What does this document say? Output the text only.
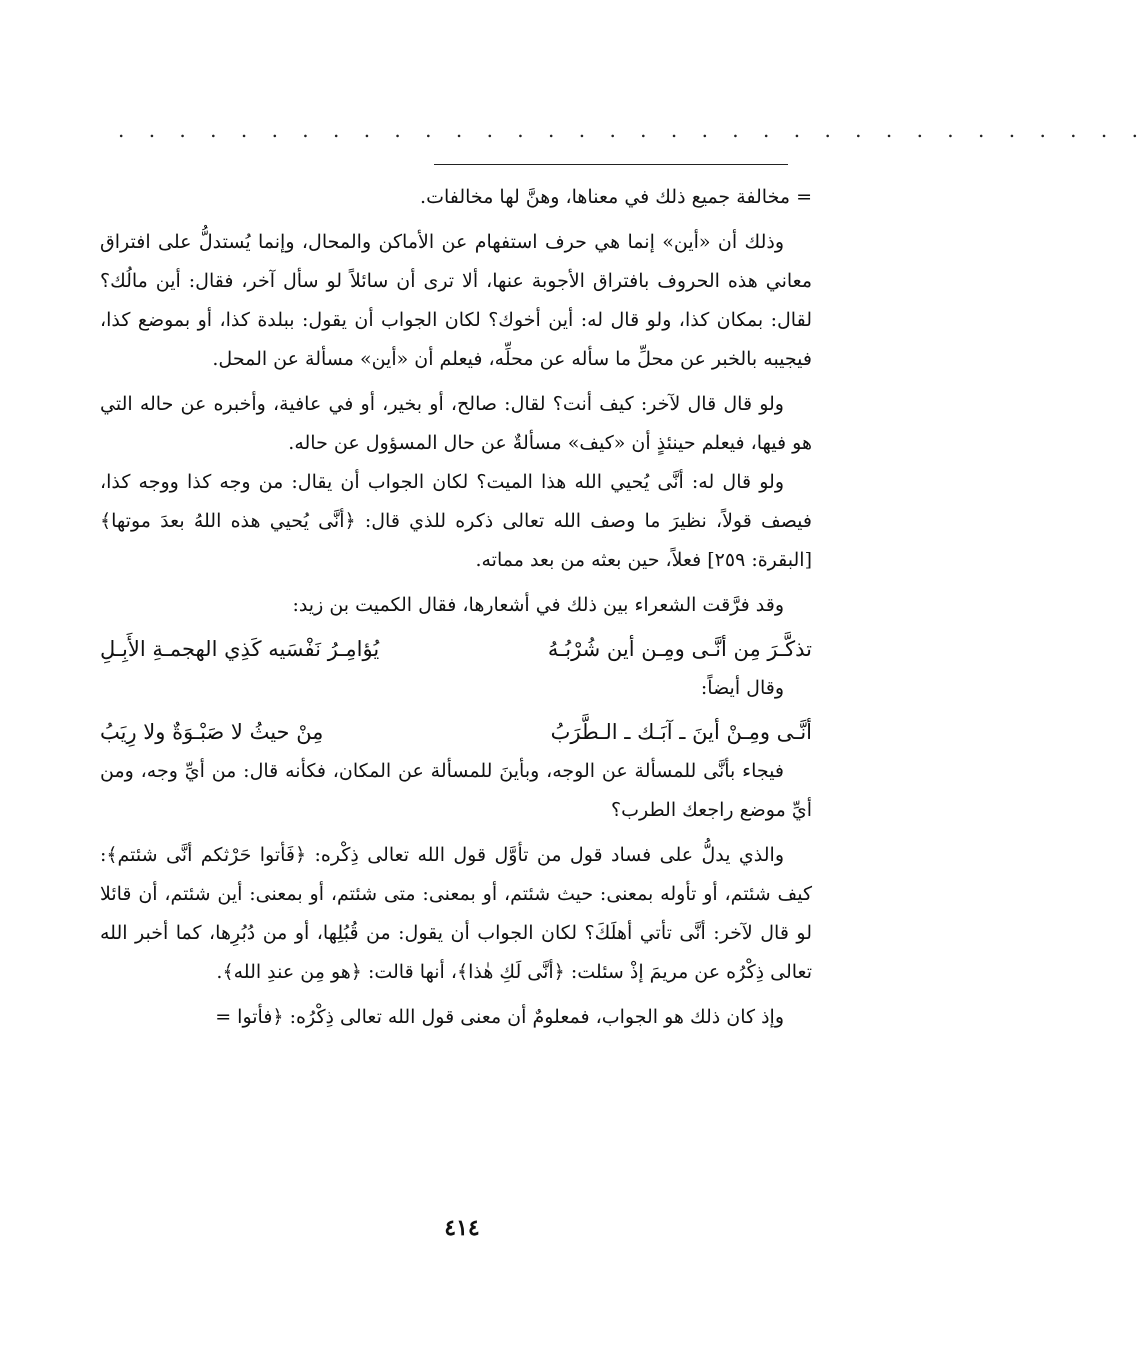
. . . . . . . . . . . . . . . . . . . . . . . . . . . . . . . . . .

= مخالفة جميع ذلك في معناها، وهنَّ لها مخالفات.

وذلك أن «أين» إنما هي حرف استفهام عن الأماكن والمحال، وإنما يُستدلُّ على افتراق معاني هذه الحروف بافتراق الأجوبة عنها، ألا ترى أن سائلاً لو سأل آخر، فقال: أين مالُك؟ لقال: بمكان كذا، ولو قال له: أين أخوك؟ لكان الجواب أن يقول: ببلدة كذا، أو بموضع كذا، فيجيبه بالخبر عن محلِّ ما سأله عن محلِّه، فيعلم أن «أين» مسألة عن المحل.

ولو قال قال لآخر: كيف أنت؟ لقال: صالح، أو بخير، أو في عافية، وأخبره عن حاله التي هو فيها، فيعلم حينئذٍ أن «كيف» مسألةٌ عن حال المسؤول عن حاله.

ولو قال له: أنَّى يُحيي الله هذا الميت؟ لكان الجواب أن يقال: من وجه كذا ووجه كذا، فيصف قولاً، نظيرَ ما وصف الله تعالى ذكره للذي قال: ﴿أنَّى يُحيي هذه اللهُ بعدَ موتها﴾ [البقرة: ٢٥٩] فعلاً، حين بعثه من بعد مماته.

وقد فرَّقت الشعراء بين ذلك في أشعارها، فقال الكميت بن زيد:

تذكَّـرَ مِن أنَّـى ومِـن أين شُرْبُـهُ
يُؤامِـرُ نَفْسَيه كَذِي الهجمـةِ الأَبِـلِ

وقال أيضاً:

أنَّـى ومِـنْ أينَ ـ آبَـك ـ الـطَّرَبُ
مِنْ حيثُ لا صَبْـوَةٌ ولا رِيَبُ

فيجاء بأنَّى للمسألة عن الوجه، وبأينَ للمسألة عن المكان، فكأنه قال: من أيِّ وجه، ومن أيِّ موضع راجعك الطرب؟

والذي يدلُّ على فساد قول من تأوَّل قول الله تعالى ذِكْره: ﴿فَأتوا حَرْثكم أنَّى شئتم﴾: كيف شئتم، أو تأوله بمعنى: حيث شئتم، أو بمعنى: متى شئتم، أو بمعنى: أين شئتم، أن قائلا لو قال لآخر: أنَّى تأتي أهلَكَ؟ لكان الجواب أن يقول: من قُبُلِها، أو من دُبُرِها، كما أخبر الله تعالى ذِكْرُه عن مريمَ إذْ سئلت: ﴿أنَّى لَكِ هٰذا﴾، أنها قالت: ﴿هو مِن عندِ الله﴾.

وإذ كان ذلك هو الجواب، فمعلومٌ أن معنى قول الله تعالى ذِكْرُه: ﴿فأتوا =

٤١٤
